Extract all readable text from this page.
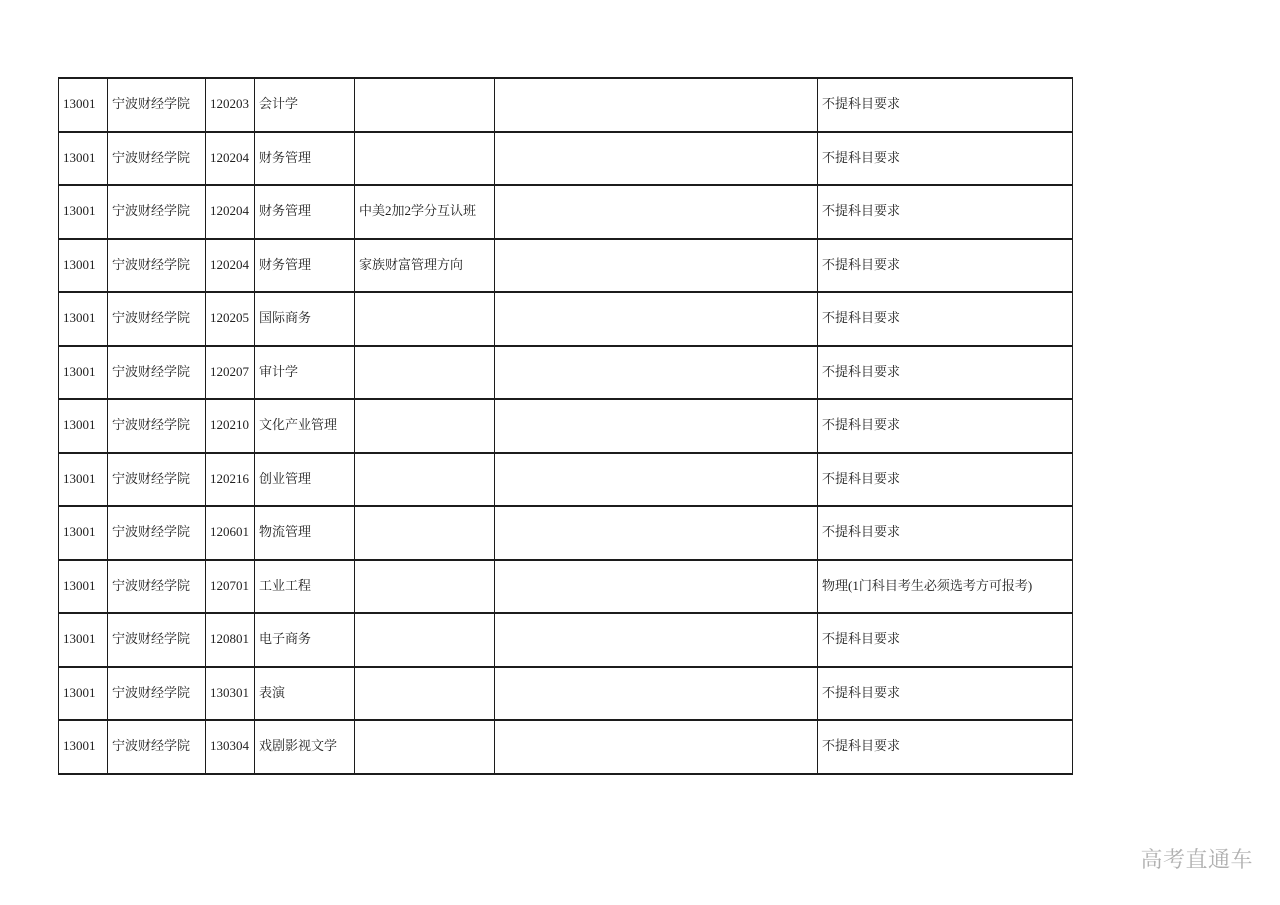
13001	宁波财经学院	120203	会计学			不提科目要求
13001	宁波财经学院	120204	财务管理			不提科目要求
13001	宁波财经学院	120204	财务管理	中美2加2学分互认班		不提科目要求
13001	宁波财经学院	120204	财务管理	家族财富管理方向		不提科目要求
13001	宁波财经学院	120205	国际商务			不提科目要求
13001	宁波财经学院	120207	审计学			不提科目要求
13001	宁波财经学院	120210	文化产业管理			不提科目要求
13001	宁波财经学院	120216	创业管理			不提科目要求
13001	宁波财经学院	120601	物流管理			不提科目要求
13001	宁波财经学院	120701	工业工程			物理(1门科目考生必须选考方可报考)
13001	宁波财经学院	120801	电子商务			不提科目要求
13001	宁波财经学院	130301	表演			不提科目要求
13001	宁波财经学院	130304	戏剧影视文学			不提科目要求
高考直通车
